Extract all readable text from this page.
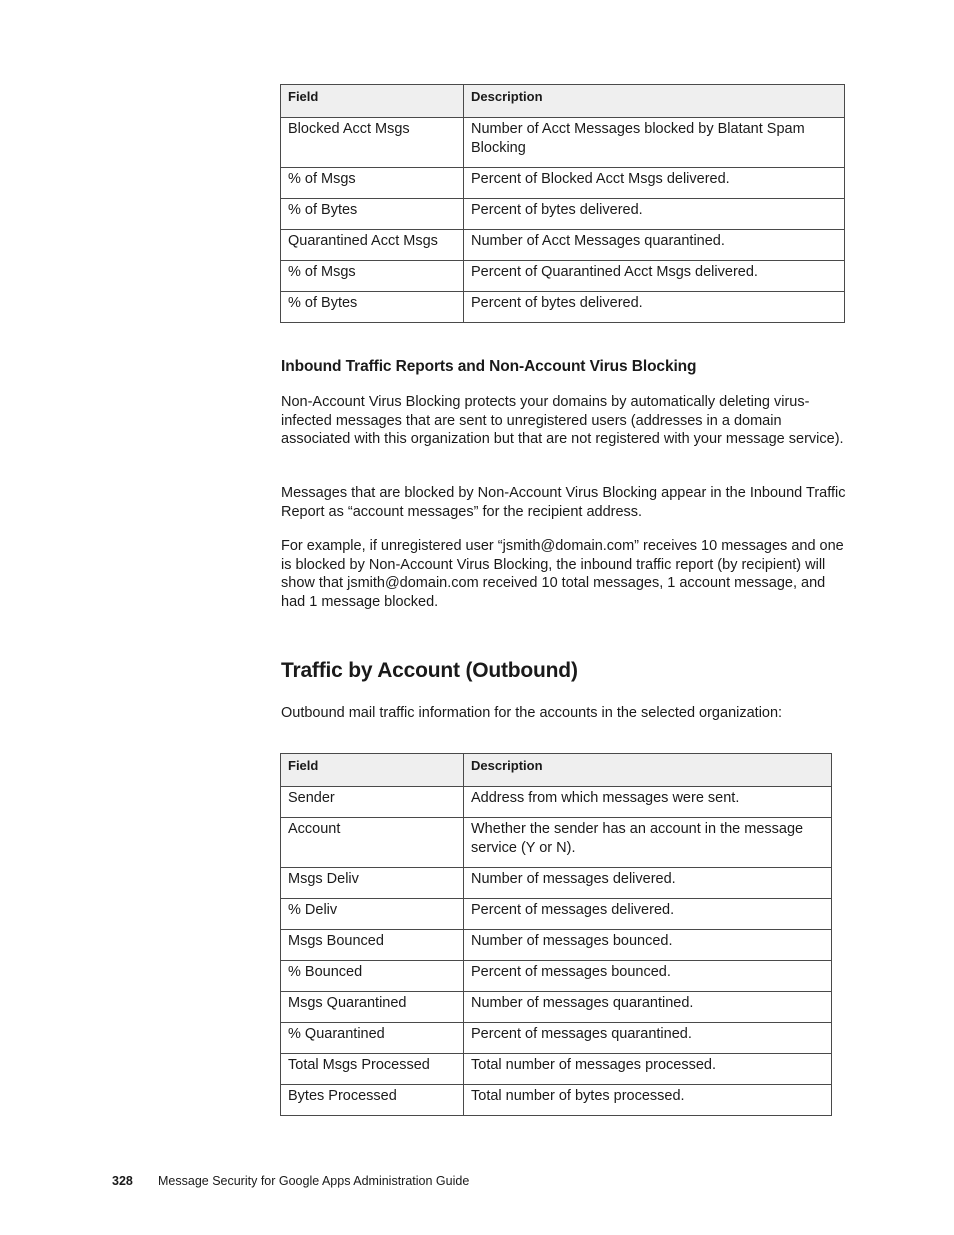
Field	Description
Blocked Acct Msgs	Number of Acct Messages blocked by Blatant Spam Blocking
% of Msgs	Percent of Blocked Acct Msgs delivered.
% of Bytes	Percent of bytes delivered.
Quarantined Acct Msgs	Number of Acct Messages quarantined.
% of Msgs	Percent of Quarantined Acct Msgs delivered.
% of Bytes	Percent of bytes delivered.
Inbound Traffic Reports and Non-Account Virus Blocking

Non-Account Virus Blocking protects your domains by automatically deleting virus-infected messages that are sent to unregistered users (addresses in a domain associated with this organization but that are not registered with your message service).

Messages that are blocked by Non-Account Virus Blocking appear in the Inbound Traffic Report as “account messages” for the recipient address.

For example, if unregistered user “jsmith@domain.com” receives 10 messages and one is blocked by Non-Account Virus Blocking, the inbound traffic report (by recipient) will show that jsmith@domain.com received 10 total messages, 1 account message, and had 1 message blocked.

Traffic by Account (Outbound)

Outbound mail traffic information for the accounts in the selected organization:

Field	Description
Sender	Address from which messages were sent.
Account	Whether the sender has an account in the message service (Y or N).
Msgs Deliv	Number of messages delivered.
% Deliv	Percent of messages delivered.
Msgs Bounced	Number of messages bounced.
% Bounced	Percent of messages bounced.
Msgs Quarantined	Number of messages quarantined.
% Quarantined	Percent of messages quarantined.
Total Msgs Processed	Total number of messages processed.
Bytes Processed	Total number of bytes processed.
328 Message Security for Google Apps Administration Guide
